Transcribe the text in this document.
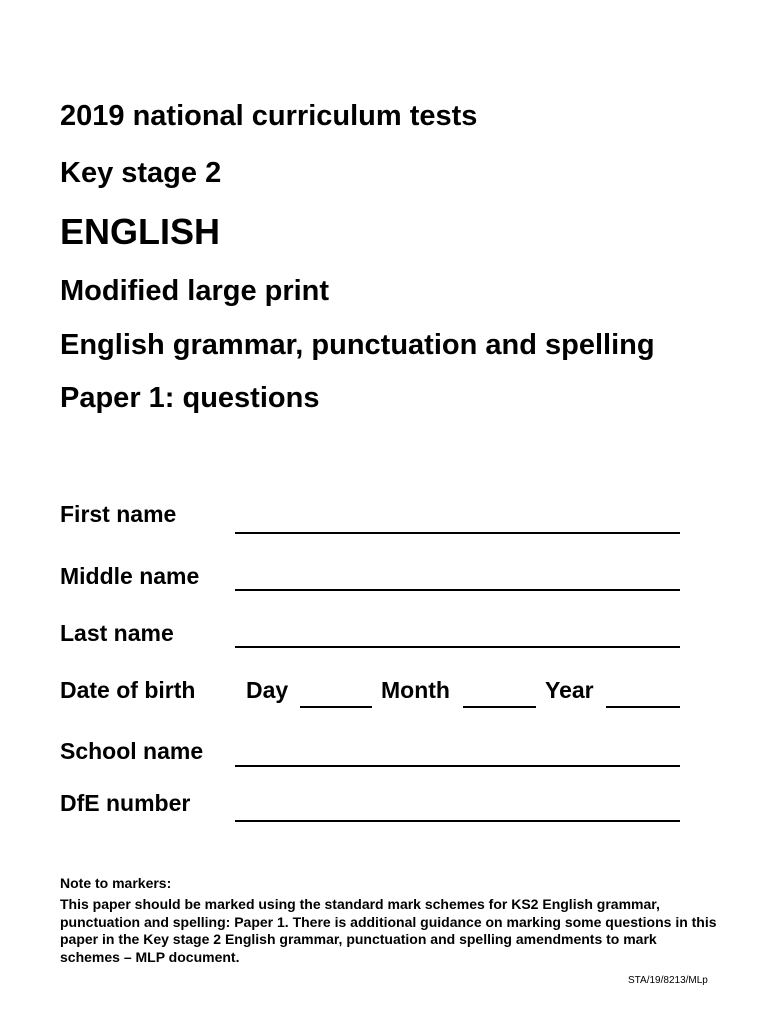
2019 national curriculum tests
Key stage 2
ENGLISH
Modified large print
English grammar, punctuation and spelling
Paper 1: questions
First name
Middle name
Last name
Date of birth Day	Month	Year
School name
DfE number
Note to markers:
This paper should be marked using the standard mark schemes for KS2 English grammar, punctuation and spelling: Paper 1. There is additional guidance on marking some questions in this paper in the Key stage 2 English grammar, punctuation and spelling amendments to mark schemes – MLP document.
STA/19/8213/MLp
